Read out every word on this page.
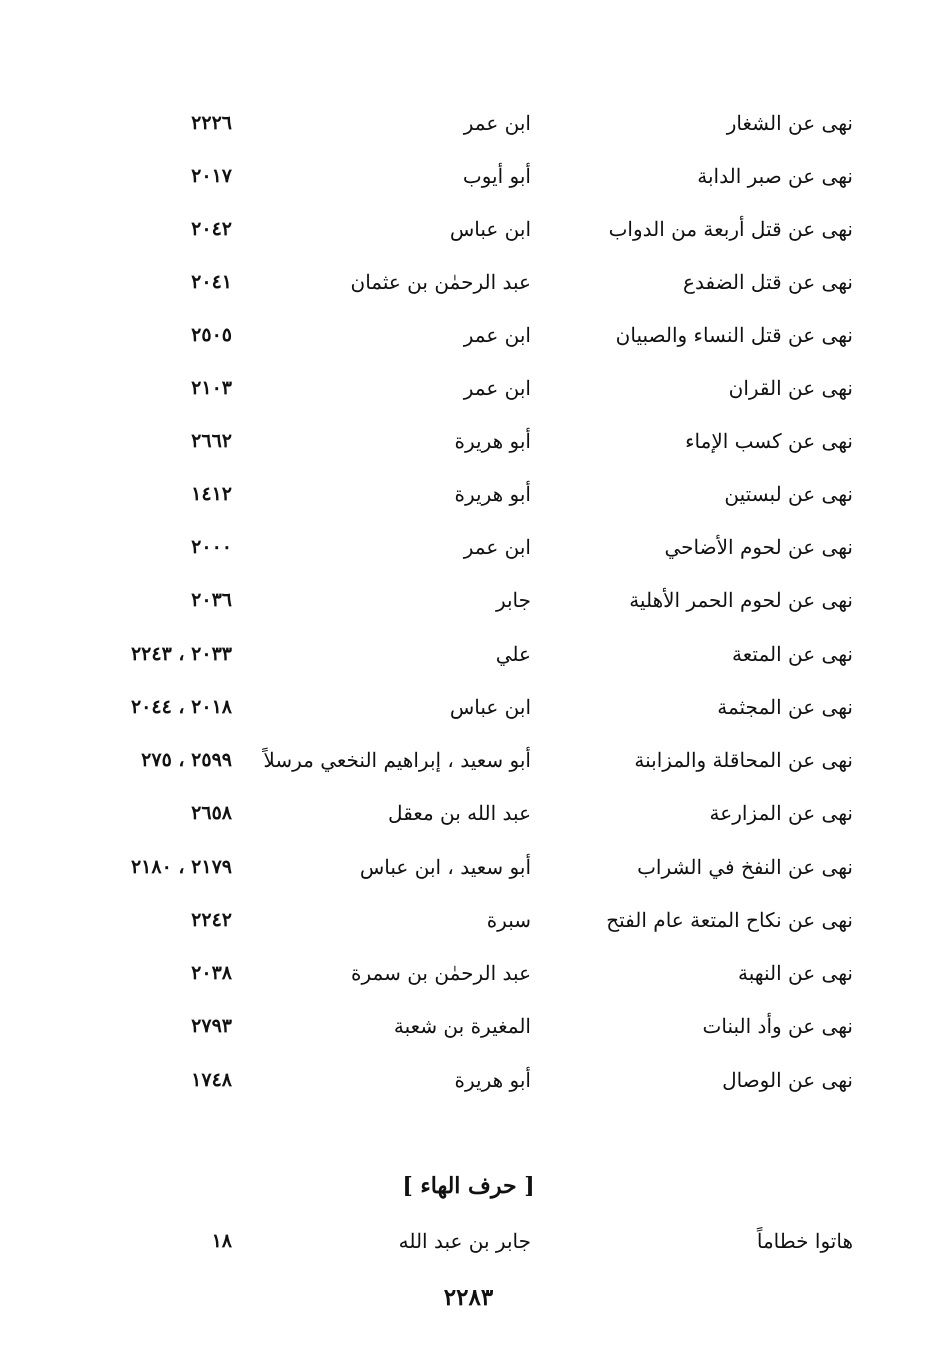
نهى عن الشغار
ابن عمر
٢٢٢٦
نهى عن صبر الدابة
أبو أيوب
٢٠١٧
نهى عن قتل أربعة من الدواب
ابن عباس
٢٠٤٢
نهى عن قتل الضفدع
عبد الرحمٰن بن عثمان
٢٠٤١
نهى عن قتل النساء والصبيان
ابن عمر
٢٥٠٥
نهى عن القران
ابن عمر
٢١٠٣
نهى عن كسب الإماء
أبو هريرة
٢٦٦٢
نهى عن لبستين
أبو هريرة
١٤١٢
نهى عن لحوم الأضاحي
ابن عمر
٢٠٠٠
نهى عن لحوم الحمر الأهلية
جابر
٢٠٣٦
نهى عن المتعة
علي
٢٠٣٣ ، ٢٢٤٣
نهى عن المجثمة
ابن عباس
٢٠١٨ ، ٢٠٤٤
نهى عن المحاقلة والمزابنة
أبو سعيد ، إبراهيم النخعي مرسلاً
٢٥٩٩ ، ٢٧٥
نهى عن المزارعة
عبد الله بن معقل
٢٦٥٨
نهى عن النفخ في الشراب
أبو سعيد ، ابن عباس
٢١٧٩ ، ٢١٨٠
نهى عن نكاح المتعة عام الفتح
سبرة
٢٢٤٢
نهى عن النهبة
عبد الرحمٰن بن سمرة
٢٠٣٨
نهى عن وأد البنات
المغيرة بن شعبة
٢٧٩٣
نهى عن الوصال
أبو هريرة
١٧٤٨
[ حرف الهاء ]
هاتوا خطاماً
جابر بن عبد الله
١٨
٢٢٨٣
